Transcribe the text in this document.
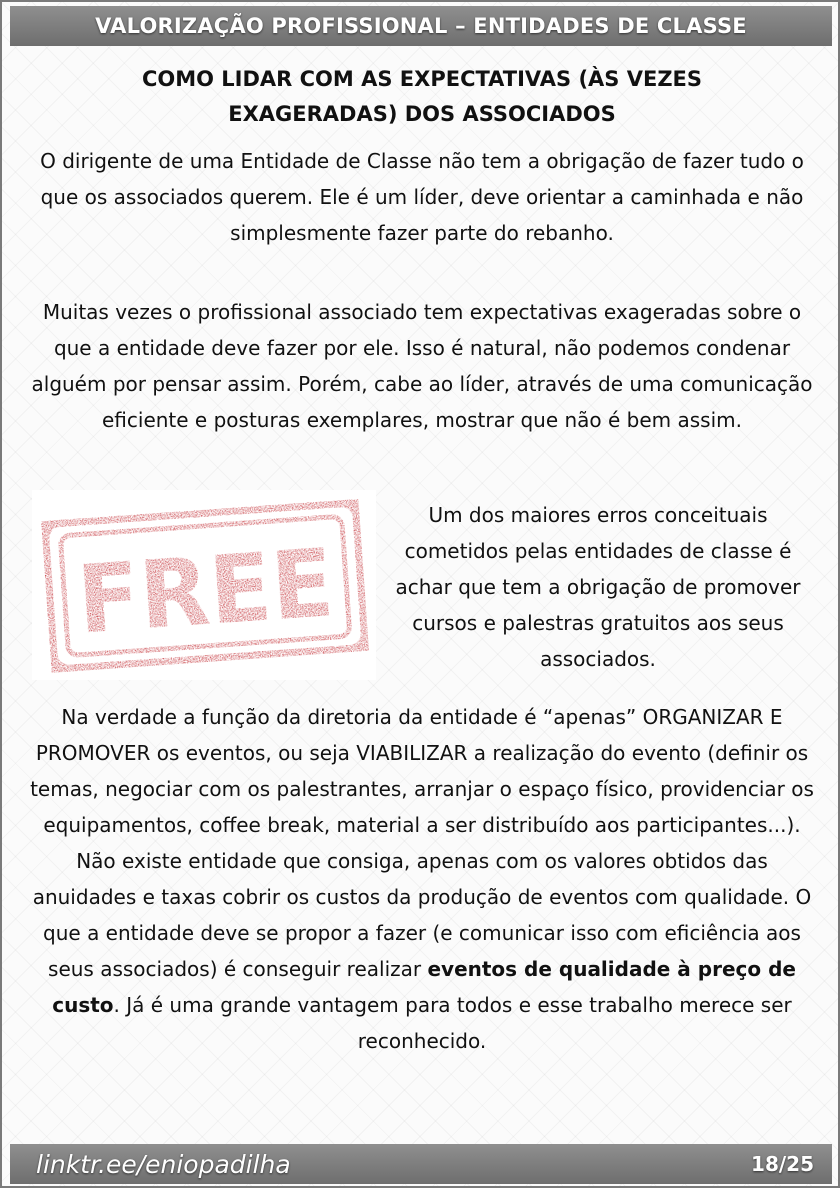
VALORIZAÇÃO PROFISSIONAL – ENTIDADES DE CLASSE
COMO LIDAR COM AS EXPECTATIVAS (ÀS VEZES
EXAGERADAS) DOS ASSOCIADOS

O dirigente de uma Entidade de Classe não tem a obrigação de fazer tudo o que os associados querem. Ele é um líder, deve orientar a caminhada e não simplesmente fazer parte do rebanho.

Muitas vezes o profissional associado tem expectativas exageradas sobre o que a entidade deve fazer por ele. Isso é natural, não podemos condenar alguém por pensar assim. Porém, cabe ao líder, através de uma comunicação eficiente e posturas exemplares, mostrar que não é bem assim.

FREE

Um dos maiores erros conceituais cometidos pelas entidades de classe é achar que tem a obrigação de promover cursos e palestras gratuitos aos seus associados.

Na verdade a função da diretoria da entidade é “apenas” ORGANIZAR E PROMOVER os eventos, ou seja VIABILIZAR a realização do evento (definir os temas, negociar com os palestrantes, arranjar o espaço físico, providenciar os equipamentos, coffee break, material a ser distribuído aos participantes...). Não existe entidade que consiga, apenas com os valores obtidos das anuidades e taxas cobrir os custos da produção de eventos com qualidade. O que a entidade deve se propor a fazer (e comunicar isso com eficiência aos seus associados) é conseguir realizar eventos de qualidade à preço de custo. Já é uma grande vantagem para todos e esse trabalho merece ser reconhecido.

linktr.ee/eniopadilha	18/25
